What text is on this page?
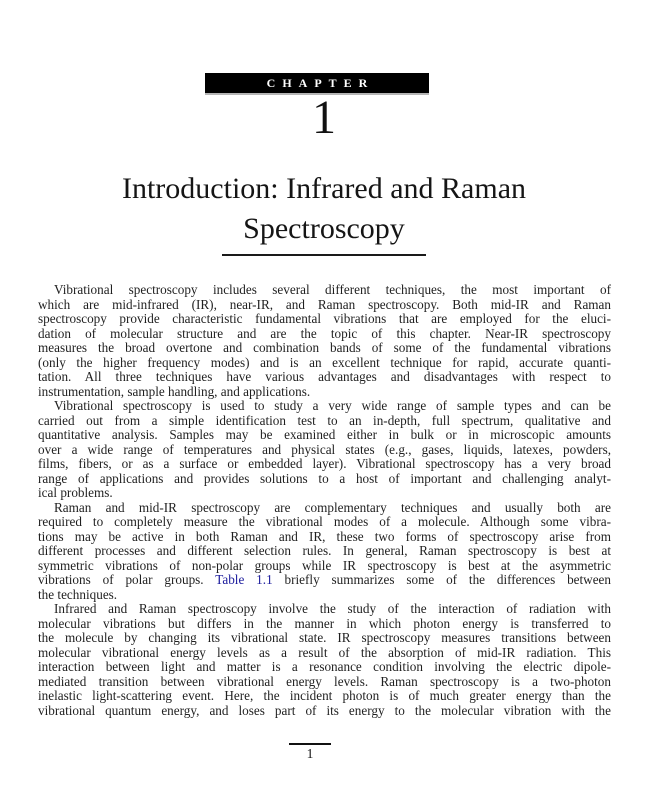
CHAPTER
1
Introduction: Infrared and Raman
Spectroscopy
Vibrational spectroscopy includes several different techniques, the most important of
which are mid-infrared (IR), near-IR, and Raman spectroscopy. Both mid-IR and Raman
spectroscopy provide characteristic fundamental vibrations that are employed for the eluci-
dation of molecular structure and are the topic of this chapter. Near-IR spectroscopy
measures the broad overtone and combination bands of some of the fundamental vibrations
(only the higher frequency modes) and is an excellent technique for rapid, accurate quanti-
tation. All three techniques have various advantages and disadvantages with respect to
instrumentation, sample handling, and applications.
Vibrational spectroscopy is used to study a very wide range of sample types and can be
carried out from a simple identification test to an in-depth, full spectrum, qualitative and
quantitative analysis. Samples may be examined either in bulk or in microscopic amounts
over a wide range of temperatures and physical states (e.g., gases, liquids, latexes, powders,
films, fibers, or as a surface or embedded layer). Vibrational spectroscopy has a very broad
range of applications and provides solutions to a host of important and challenging analyt-
ical problems.
Raman and mid-IR spectroscopy are complementary techniques and usually both are
required to completely measure the vibrational modes of a molecule. Although some vibra-
tions may be active in both Raman and IR, these two forms of spectroscopy arise from
different processes and different selection rules. In general, Raman spectroscopy is best at
symmetric vibrations of non-polar groups while IR spectroscopy is best at the asymmetric
vibrations of polar groups. Table 1.1 briefly summarizes some of the differences between
the techniques.
Infrared and Raman spectroscopy involve the study of the interaction of radiation with
molecular vibrations but differs in the manner in which photon energy is transferred to
the molecule by changing its vibrational state. IR spectroscopy measures transitions between
molecular vibrational energy levels as a result of the absorption of mid-IR radiation. This
interaction between light and matter is a resonance condition involving the electric dipole-
mediated transition between vibrational energy levels. Raman spectroscopy is a two-photon
inelastic light-scattering event. Here, the incident photon is of much greater energy than the
vibrational quantum energy, and loses part of its energy to the molecular vibration with the
1
